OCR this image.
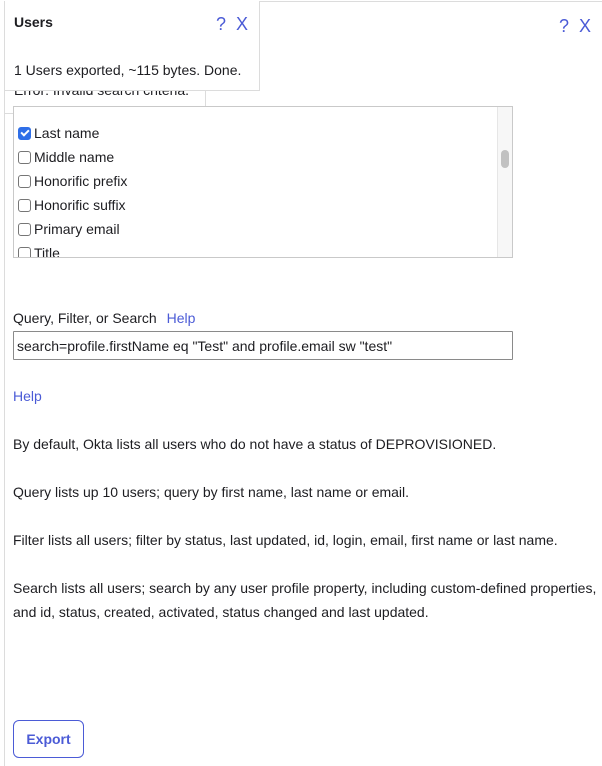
? X
Users	? X
1 Users exported, ~115 bytes. Done.
Last name
Middle name
Honorific prefix
Honorific suffix
Primary email
Title
Query, Filter, or Search Help
search=profile.firstName eq "Test" and profile.email sw "test"
Help
By default, Okta lists all users who do not have a status of DEPROVISIONED.
Query lists up 10 users; query by first name, last name or email.
Filter lists all users; filter by status, last updated, id, login, email, first name or last name.
Search lists all users; search by any user profile property, including custom-defined properties, and id, status, created, activated, status changed and last updated.
Export
